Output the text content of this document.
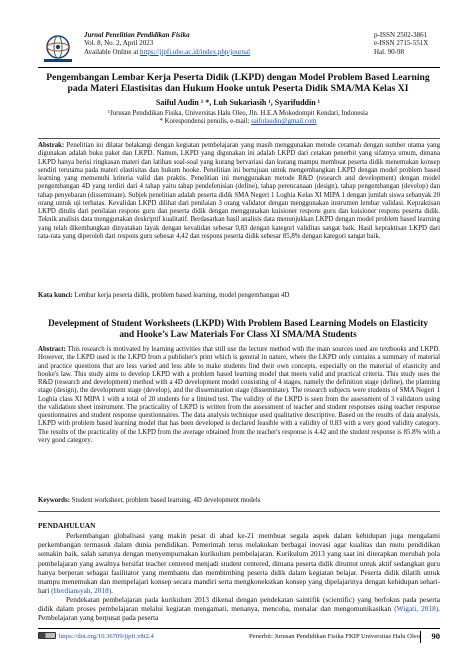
Jurnal Penelitian Pendidikan Fisika
Vol. 8, No. 2, April 2023
Available Online at https://jipfi.uho.ac.id/index.php/journal
p-ISSN 2502-3861
e-ISSN 2715-551X
Hal. 90-98
Pengembangan Lembar Kerja Peserta Didik (LKPD) dengan Model Problem Based Learning pada Materi Elastisitas dan Hukum Hooke untuk Peserta Didik SMA/MA Kelas XI
Saiful Audin ¹ *, Luh Sukariasih ¹, Syarifuddin ¹
¹Jurusan Pendidikan Fisika, Universitas Halu Oleo, Jln. H.E.A Mokodompit Kendari, Indonesia
* Korespondensi penulis, e-mail: saifulaudin@gmail.com
Abstrak: Penelitian ini dilatar belakangi dengan kegiatan pembelajaran yang masih menggunakan metode ceramah dengan sumber utama yang digunakan adalah buku paket dan LKPD. Namun, LKPD yang digunakan ini adalah LKPD dari cetakan penerbit yang sifatnya umum, dimana LKPD hanya berisi ringkasan materi dan latihan soal-soal yang kurang bervariasi dan kurang mampu membuat peserta didik menemukan konsep sendiri terutama pada materi elastisitas dan hukum hooke. Penelitian ini bertujuan untuk mengembangkan LKPD dengan model problem based learning yang memenuhi kriteria valid dan praktis. Penelitian ini menggunakan metode R&D (research and development) dengan model pengembangan 4D yang terdiri dari 4 tahap yaitu tahap pendefenisian (define), tahap perencanaan (design), tahap pengembangan (develop) dan tahap penyebaran (disseminate). Subjek penelitian adalah peserta didik SMA Negeri 1 Loghia Kelas XI MIPA 1 dengan jumlah siswa sebanyak 20 orang untuk uji terbatas. Kevalidan LKPD dilihat dari penilaian 3 orang validator dengan menggunakan instrumen lembar validasi. Kepraktisan LKPD ditulis dari penilaian respons guru dan peserta didik dengan menggunakan kuisioner respons guru dan kuisioner respons peserta didik. Teknik analisis data menggunakan deskriptif kualitatif. Berdasarkan hasil analisis data menunjukkan LKPD dengan model problem based learning yang telah dikembangkan dinyatakan layak dengan kevalidan sebesar 0,83 dengan kategori validitas sangat baik. Hasil kepraktisan LKPD dari rata-rata yang diperoleh dari respons guru sebesar 4,42 dan respons peserta didik sebesar 85,8% dengan kategori sangat baik.
Kata kunci: Lembar kerja peserta didik, problem based learning, model pengembangan 4D
Develepment of Student Worksheets (LKPD) With Problem Based Learning Models on Elasticity and Hooke’s Law Materials For Class XI SMA/MA Students
Abstract: This research is motivated by learning activities that still use the lecture method with the main sources used are textbooks and LKPD. However, the LKPD used is the LKPD from a publisher's print which is general in nature, where the LKPD only contains a summary of material and practice questions that are less varied and less able to make students find their own concepts, especially on the material of elasticity and hooke's law. This study aims to develop LKPD with a problem based learning model that meets valid and practical criteria. This study uses the R&D (research and development) method with a 4D development model consisting of 4 stages, namely the definition stage (define), the planning stage (design), the development stage (develop), and the dissemination stage (disseminate). The research subjects were students of SMA Negeri 1 Loghia class XI MIPA 1 with a total of 20 students for a limited test. The validity of the LKPD is seen from the assessment of 3 validators using the validation sheet instrument. The practicality of LKPD is written from the assessment of teacher and student responses using teacher response questionnaires and student response questionnaires. The data analysis technique used qualitative descriptive. Based on the results of data analysis, LKPD with problem based learning model that has been developed is declared feasible with a validity of 0.83 with a very good validity category. The results of the practicality of the LKPD from the average obtained from the teacher's response is 4.42 and the student response is 85.8% with a very good category.
Keywords: Student worksheet, problem based learning, 4D development models
PENDAHULUAN
Perkembangan globalisasi yang makin pesat di abad ke-21 membuat segala aspek dalam kehidupan juga mengalami perkembangan termasuk dalam dunia pendidikan. Pemerintah terus melakukan berbagai inovasi agar kualitas dan mutu pendidikan semakin baik, salah satunya dengan menyempurnakan kurikulum pembelajaran. Kurikulum 2013 yang saat ini diterapkan merubah pola pembelajaran yang awalnya bersifat teacher centered menjadi student centered, dimana peserta didik dituntut untuk aktif sedangkan guru hanya berperan sebagai fasilitator yang membantu dan membimbing peserta didik dalam kegiatan belajar. Peserta didik dilatih untuk mampu menemukan dan mempelajari konsep secara mandiri serta mengkonekstkan konsep yang dipelajarinya dengan kehidupan sehari-hari (Herdiansyah, 2018).
Pendekatan pembelajaran pada kurikulum 2013 dikenal dengan pendekatan saintifik (scientific) yang berfokus pada peserta didik dalam proses pembelajaran melalui kegiatan mengamati, menanya, mencoba, menalar dan mengomunikasikan (Wigati, 2018). Pembelajaran yang berpusat pada peserta
https://doi.org/10.36709/jipfi.v8i2.4	Penerbit: Jurusan Pendidikan Fisika FKIP Universitas Halu Oleo 90
